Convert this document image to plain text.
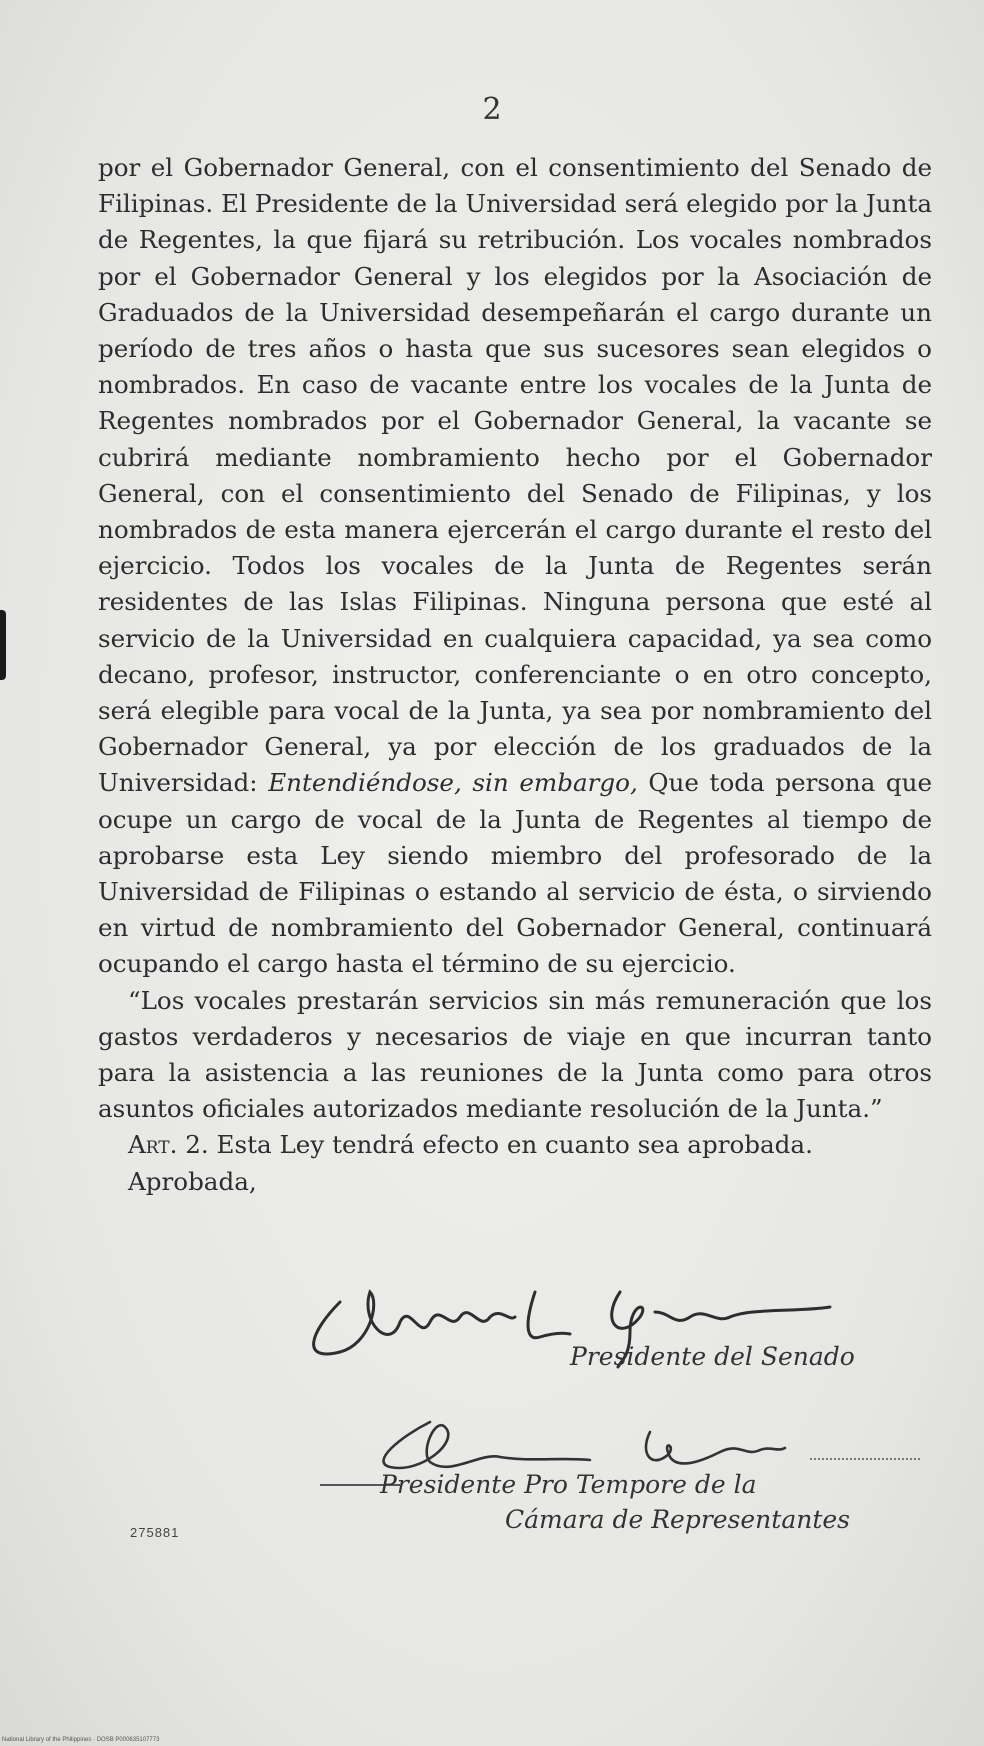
2

por el Gobernador General, con el consentimiento del Senado de Filipinas. El Presidente de la Universidad será elegido por la Junta de Regentes, la que fijará su retribución. Los vocales nombrados por el Gobernador General y los elegidos por la Asociación de Graduados de la Universidad desempeñarán el cargo durante un período de tres años o hasta que sus sucesores sean elegidos o nombrados. En caso de vacante entre los vocales de la Junta de Regentes nombrados por el Gobernador General, la vacante se cubrirá mediante nombramiento hecho por el Gobernador General, con el consentimiento del Senado de Filipinas, y los nombrados de esta manera ejercerán el cargo durante el resto del ejercicio. Todos los vocales de la Junta de Regentes serán residentes de las Islas Filipinas. Ninguna persona que esté al servicio de la Universidad en cualquiera capacidad, ya sea como decano, profesor, instructor, conferenciante o en otro concepto, será elegible para vocal de la Junta, ya sea por nombramiento del Gobernador General, ya por elección de los graduados de la Universidad: Entendiéndose, sin embargo, Que toda persona que ocupe un cargo de vocal de la Junta de Regentes al tiempo de aprobarse esta Ley siendo miembro del profesorado de la Universidad de Filipinas o estando al servicio de ésta, o sirviendo en virtud de nombramiento del Gobernador General, continuará ocupando el cargo hasta el término de su ejercicio.

“Los vocales prestarán servicios sin más remuneración que los gastos verdaderos y necesarios de viaje en que incurran tanto para la asistencia a las reuniones de la Junta como para otros asuntos oficiales autorizados mediante resolución de la Junta.”

Art. 2. Esta Ley tendrá efecto en cuanto sea aprobada.

Aprobada,

Presidente del Senado
Presidente Pro Tempore de la
Cámara de Representantes
275881
National Library of the Philippines · DOSB P000635107773
